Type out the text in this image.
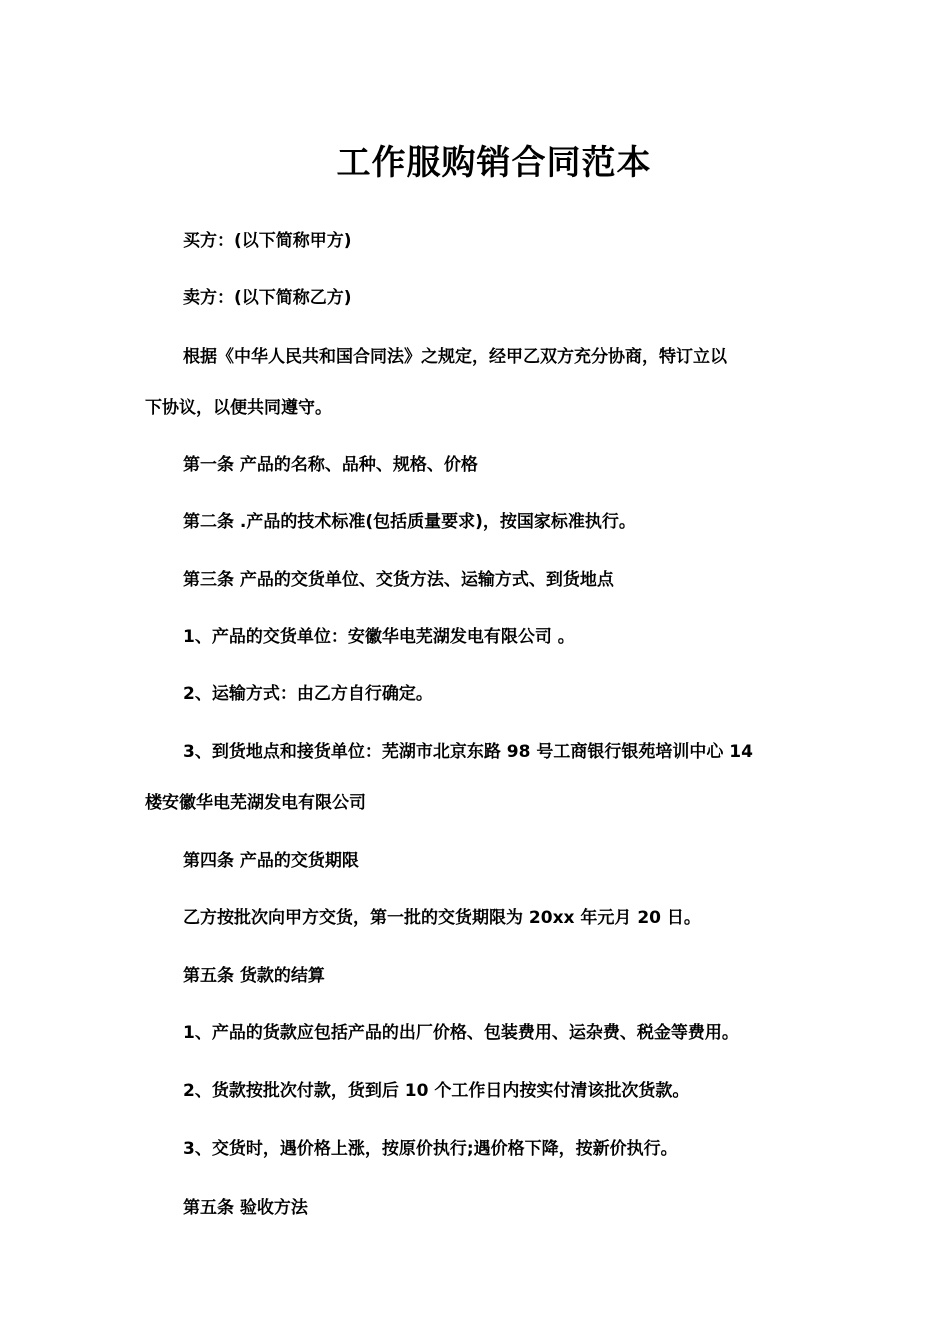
工作服购销合同范本

买方：(以下简称甲方)

卖方：(以下简称乙方)

根据《中华人民共和国合同法》之规定，经甲乙双方充分协商，特订立以

下协议，以便共同遵守。

第一条 产品的名称、品种、规格、价格

第二条 .产品的技术标准(包括质量要求)，按国家标准执行。

第三条 产品的交货单位、交货方法、运输方式、到货地点

1、产品的交货单位：安徽华电芜湖发电有限公司 。

2、运输方式：由乙方自行确定。

3、到货地点和接货单位：芜湖市北京东路 98 号工商银行银苑培训中心 14

楼安徽华电芜湖发电有限公司

第四条 产品的交货期限

乙方按批次向甲方交货，第一批的交货期限为 20xx 年元月 20 日。

第五条 货款的结算

1、产品的货款应包括产品的出厂价格、包装费用、运杂费、税金等费用。

2、货款按批次付款，货到后 10 个工作日内按实付清该批次货款。

3、交货时，遇价格上涨，按原价执行;遇价格下降，按新价执行。

第五条 验收方法
